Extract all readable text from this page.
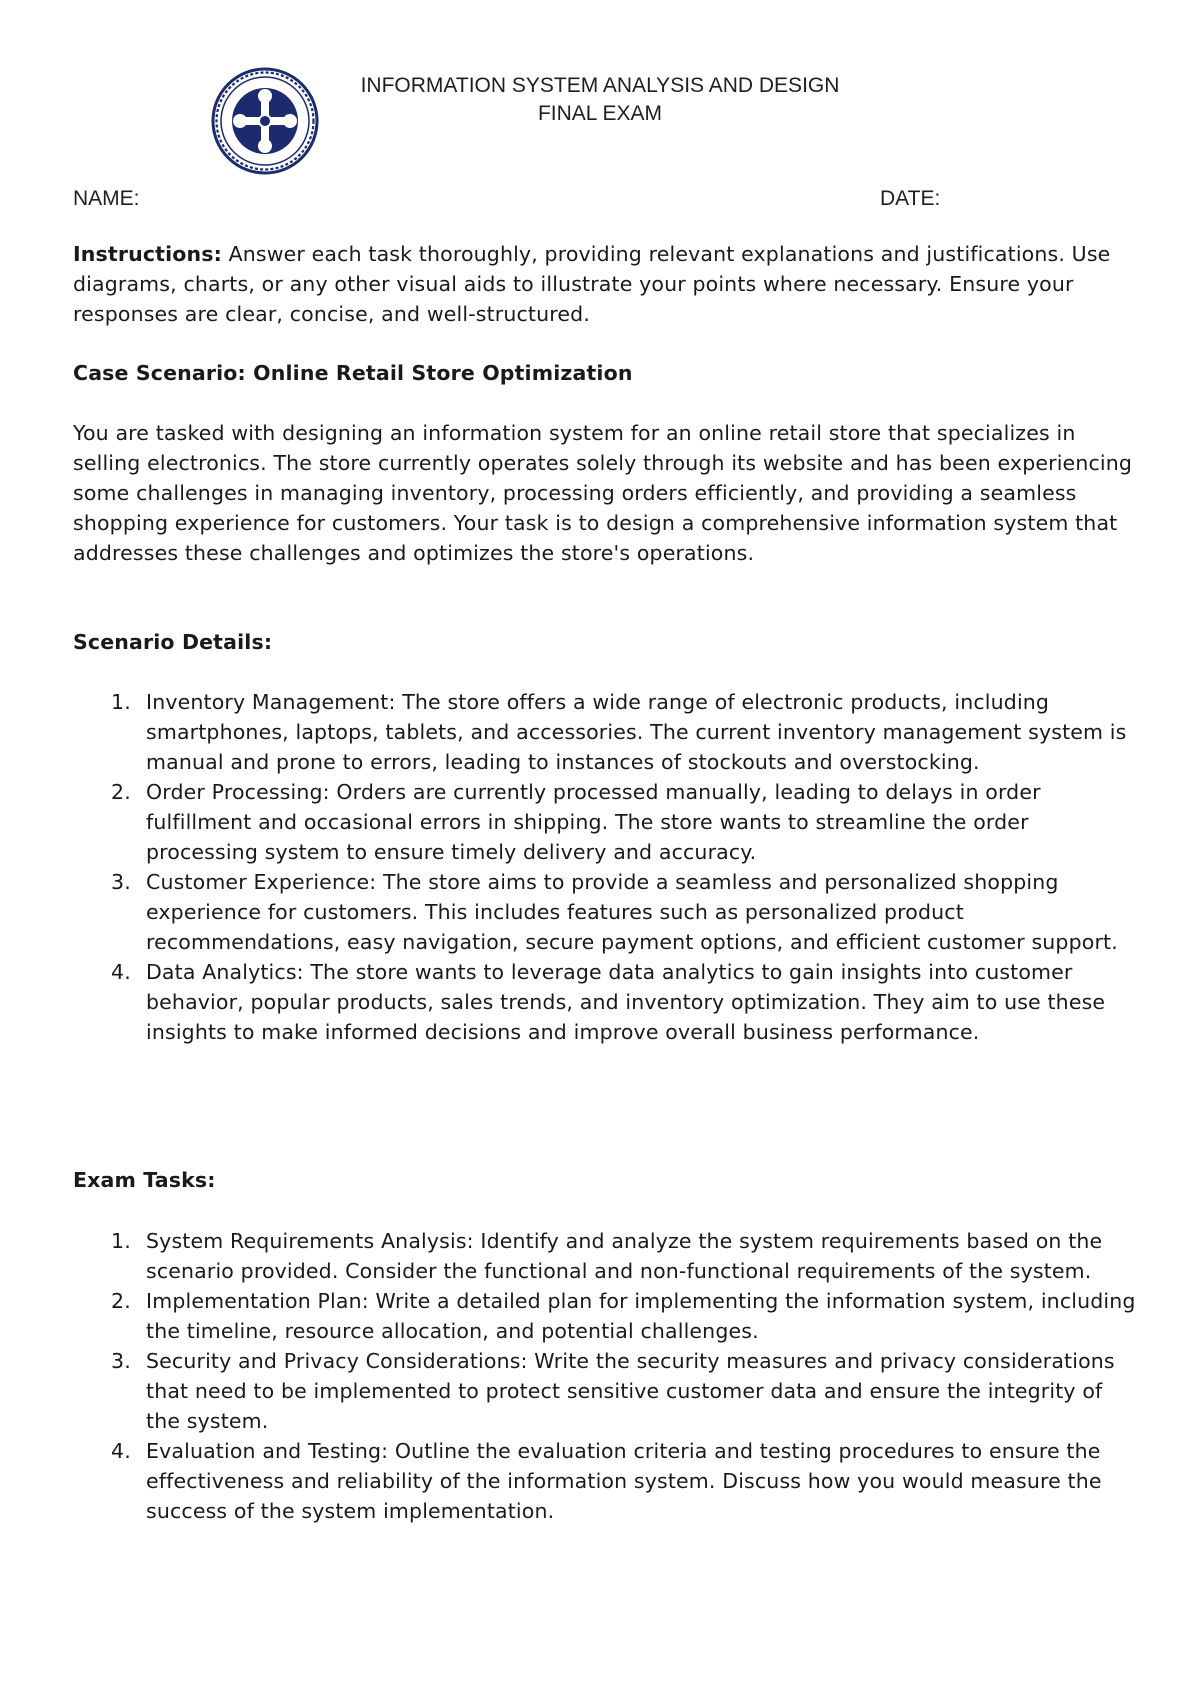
INFORMATION SYSTEM ANALYSIS AND DESIGN
FINAL EXAM
NAME:	DATE:
Instructions: Answer each task thoroughly, providing relevant explanations and justifications. Use diagrams, charts, or any other visual aids to illustrate your points where necessary. Ensure your responses are clear, concise, and well-structured.
Case Scenario: Online Retail Store Optimization
You are tasked with designing an information system for an online retail store that specializes in selling electronics. The store currently operates solely through its website and has been experiencing some challenges in managing inventory, processing orders efficiently, and providing a seamless shopping experience for customers. Your task is to design a comprehensive information system that addresses these challenges and optimizes the store's operations.
Scenario Details:
1. Inventory Management: The store offers a wide range of electronic products, including smartphones, laptops, tablets, and accessories. The current inventory management system is manual and prone to errors, leading to instances of stockouts and overstocking.
2. Order Processing: Orders are currently processed manually, leading to delays in order fulfillment and occasional errors in shipping. The store wants to streamline the order processing system to ensure timely delivery and accuracy.
3. Customer Experience: The store aims to provide a seamless and personalized shopping experience for customers. This includes features such as personalized product recommendations, easy navigation, secure payment options, and efficient customer support.
4. Data Analytics: The store wants to leverage data analytics to gain insights into customer behavior, popular products, sales trends, and inventory optimization. They aim to use these insights to make informed decisions and improve overall business performance.
Exam Tasks:
1. System Requirements Analysis: Identify and analyze the system requirements based on the scenario provided. Consider the functional and non-functional requirements of the system.
2. Implementation Plan: Write a detailed plan for implementing the information system, including the timeline, resource allocation, and potential challenges.
3. Security and Privacy Considerations: Write the security measures and privacy considerations that need to be implemented to protect sensitive customer data and ensure the integrity of the system.
4. Evaluation and Testing: Outline the evaluation criteria and testing procedures to ensure the effectiveness and reliability of the information system. Discuss how you would measure the success of the system implementation.
